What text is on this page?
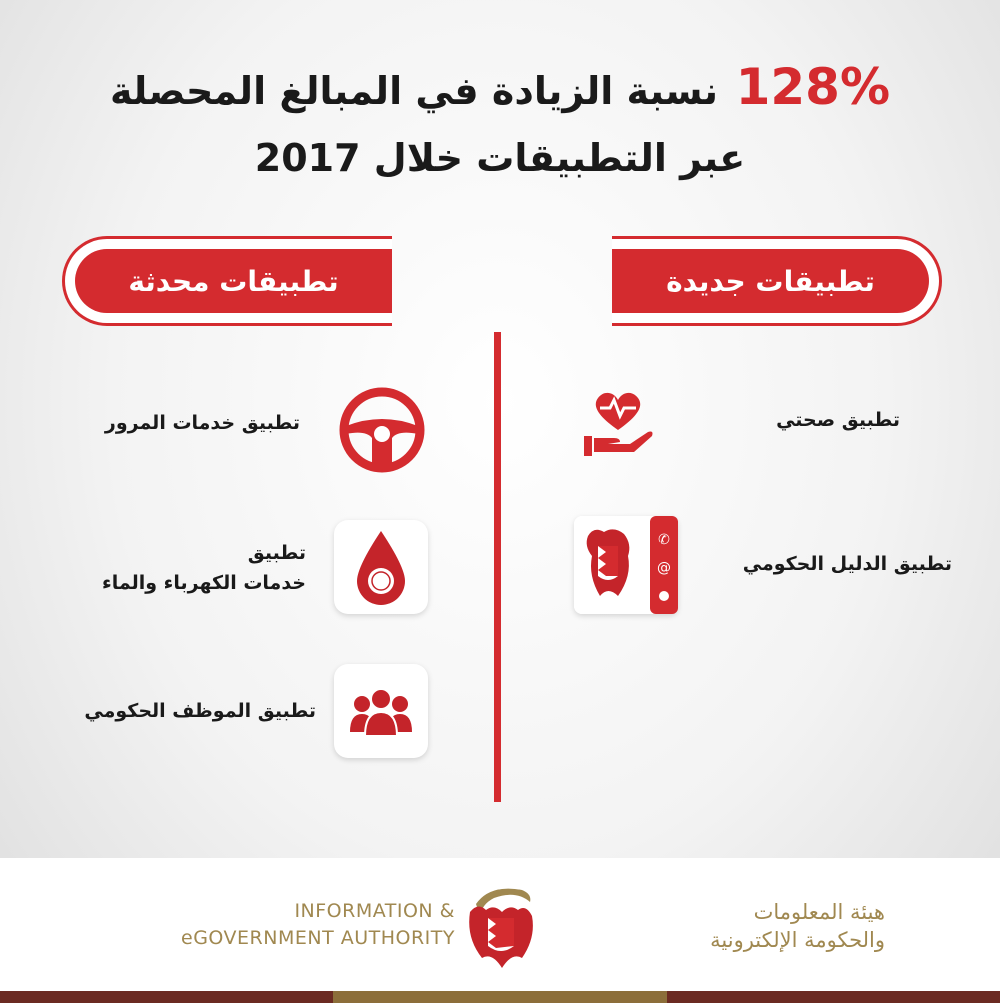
128% نسبة الزيادة في المبالغ المحصلة
عبر التطبيقات خلال 2017
تطبيقات جديدة
تطبيقات محدثة
تطبيق صحتي
✆
@	تطبيق الدليل الحكومي
تطبيق خدمات المرور
تطبيق
خدمات الكهرباء والماء
تطبيق الموظف الحكومي
INFORMATION &
eGOVERNMENT AUTHORITY
هيئة المعلومات
والحكومة الإلكترونية
